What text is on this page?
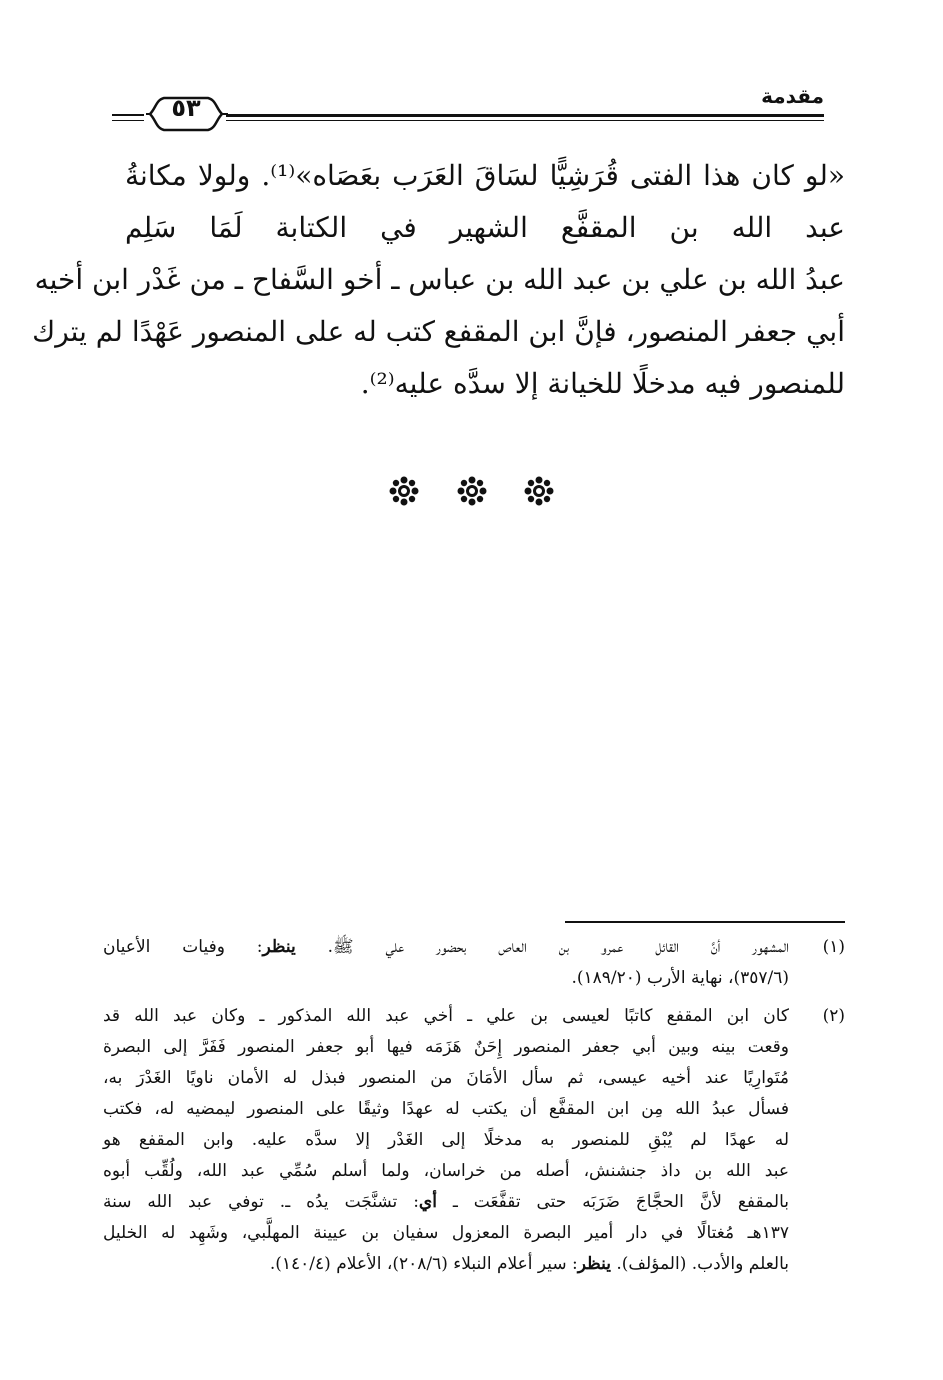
٥٣	مقدمة
«لو كان هذا الفتى قُرَشِيًّا لسَاقَ العَرَب بعَصَاه»⁽¹⁾. ولولا مكانةُ
عبد الله بن المقفَّع الشهير في الكتابة لَمَا سَلِم
عبدُ الله بن علي بن عبد الله بن عباس ـ أخو السَّفاح ـ من غَدْر ابن أخيه
أبي جعفر المنصور، فإنَّ ابن المقفع كتب له على المنصور عَهْدًا لم يترك
للمنصور فيه مدخلًا للخيانة إلا سدَّه عليه⁽²⁾.

(١)
المشهور أنَّ القائل عمرو بن العاص بحضور علي ﷺ. ينظر: وفيات الأعيان
(٣٥٧/٦)، نهاية الأرب (١٨٩/٢٠).
(٢)
كان ابن المقفع كاتبًا لعيسى بن علي ـ أخي عبد الله المذكور ـ وكان عبد الله قد
وقعت بينه وبين أبي جعفر المنصور إِحَنٌ هَزَمَه فيها أبو جعفر المنصور فَفَرَّ إلى البصرة
مُتَوارِيًا عند أخيه عيسى، ثم سأل الأمَانَ من المنصور فبذل له الأمان ناويًا الغَدْرَ به،
فسأل عبدُ الله مِن ابن المقفَّع أن يكتب له عهدًا وثيقًا على المنصور ليمضيه له، فكتب
له عهدًا لم يُبْقِ للمنصور به مدخلًا إلى الغَدْر إلا سدَّه عليه. وابن المقفع هو
عبد الله بن داذ جنشنش، أصله من خراسان، ولما أسلم سُمِّي عبد الله، ولُقِّب أبوه
بالمقفع لأنَّ الحجَّاجَ ضَرَبَه حتى تقفَّعَت ـ أي: تشنَّجَت يدُه ـ. توفي عبد الله سنة
١٣٧هـ مُغتالًا في دار أمير البصرة المعزول سفيان بن عيينة المهلَّبي، وشَهِد له الخليل
بالعلم والأدب. (المؤلف). ينظر: سير أعلام النبلاء (٢٠٨/٦)، الأعلام (١٤٠/٤).
